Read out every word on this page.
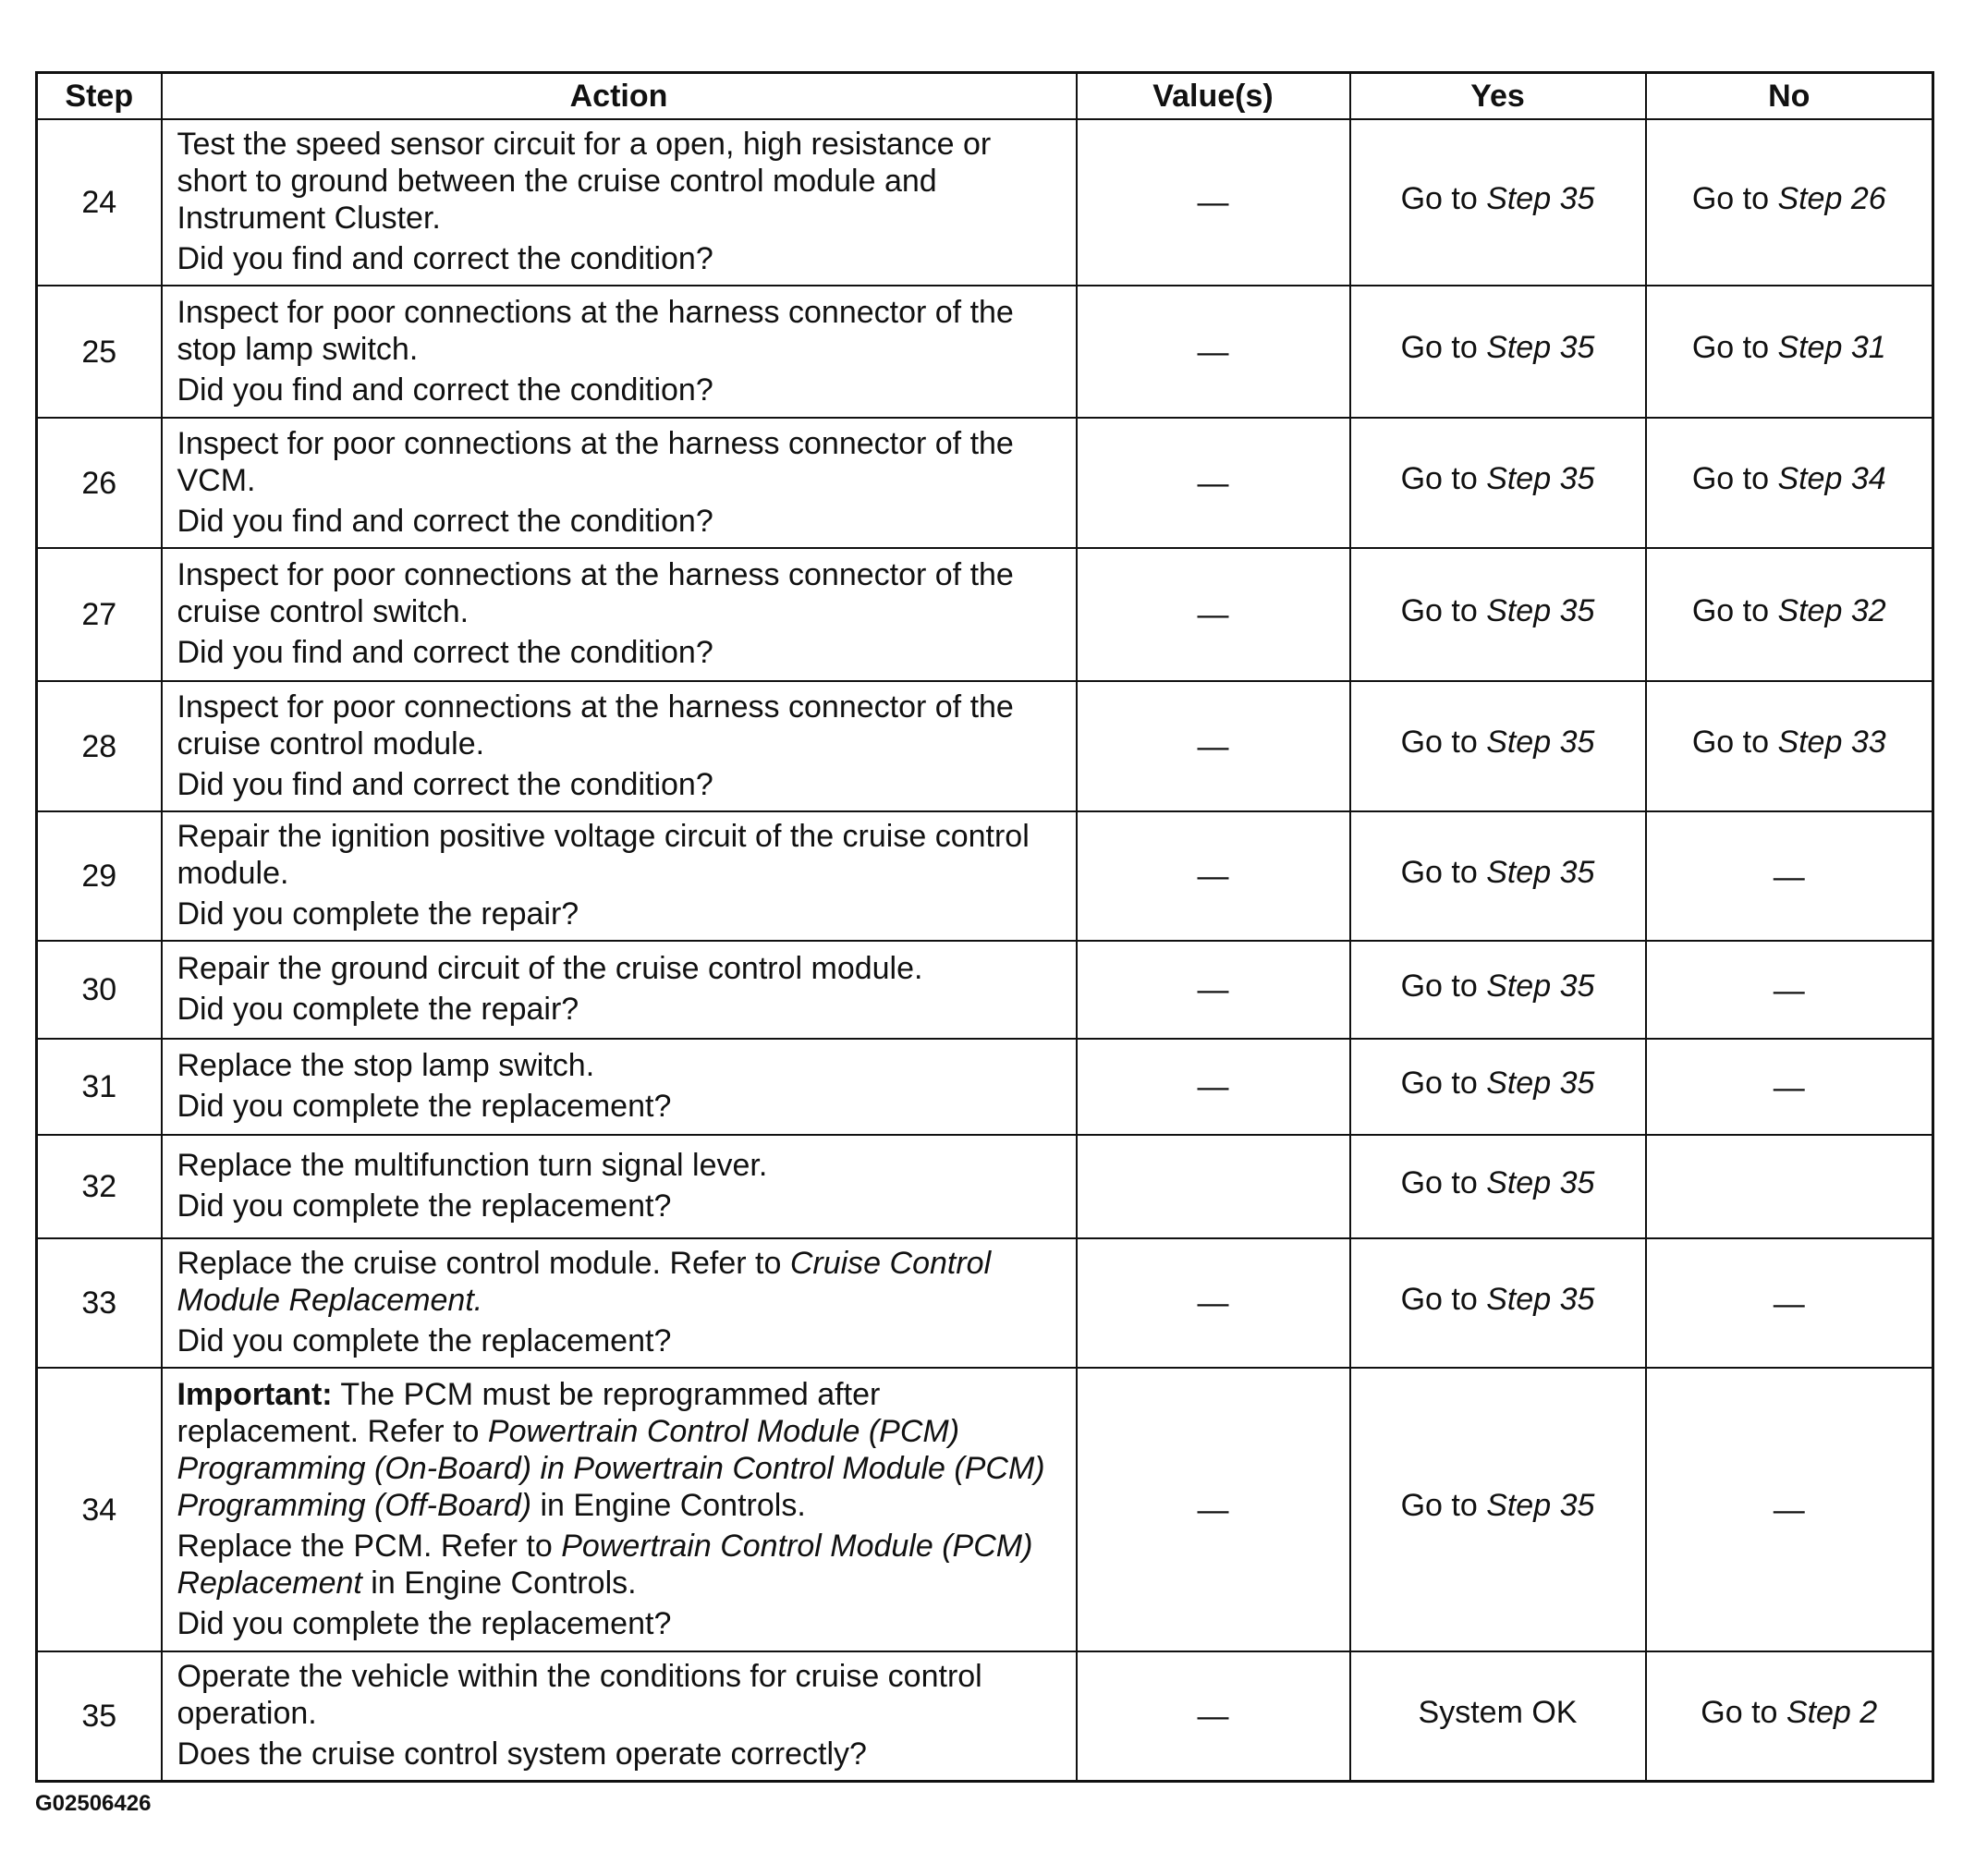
Step	Action	Value(s)	Yes	No
24	Test the speed sensor circuit for a open, high resistance or short to ground between the cruise control module and Instrument Cluster.
Did you find and correct the condition?	—	Go to Step 35	Go to Step 26
25	Inspect for poor connections at the harness connector of the stop lamp switch.
Did you find and correct the condition?	—	Go to Step 35	Go to Step 31
26	Inspect for poor connections at the harness connector of the VCM.
Did you find and correct the condition?	—	Go to Step 35	Go to Step 34
27	Inspect for poor connections at the harness connector of the cruise control switch.
Did you find and correct the condition?	—	Go to Step 35	Go to Step 32
28	Inspect for poor connections at the harness connector of the cruise control module.
Did you find and correct the condition?	—	Go to Step 35	Go to Step 33
29	Repair the ignition positive voltage circuit of the cruise control module.
Did you complete the repair?	—	Go to Step 35	—
30	Repair the ground circuit of the cruise control module.
Did you complete the repair?	—	Go to Step 35	—
31	Replace the stop lamp switch.
Did you complete the replacement?	—	Go to Step 35	—
32	Replace the multifunction turn signal lever.
Did you complete the replacement?		Go to Step 35	
33	Replace the cruise control module. Refer to Cruise Control Module Replacement.
Did you complete the replacement?	—	Go to Step 35	—
34	Important: The PCM must be reprogrammed after replacement. Refer to Powertrain Control Module (PCM) Programming (On-Board) in Powertrain Control Module (PCM) Programming (Off-Board) in Engine Controls.
Replace the PCM. Refer to Powertrain Control Module (PCM) Replacement in Engine Controls.
Did you complete the replacement?	—	Go to Step 35	—
35	Operate the vehicle within the conditions for cruise control operation.
Does the cruise control system operate correctly?	—	System OK	Go to Step 2
G02506426
